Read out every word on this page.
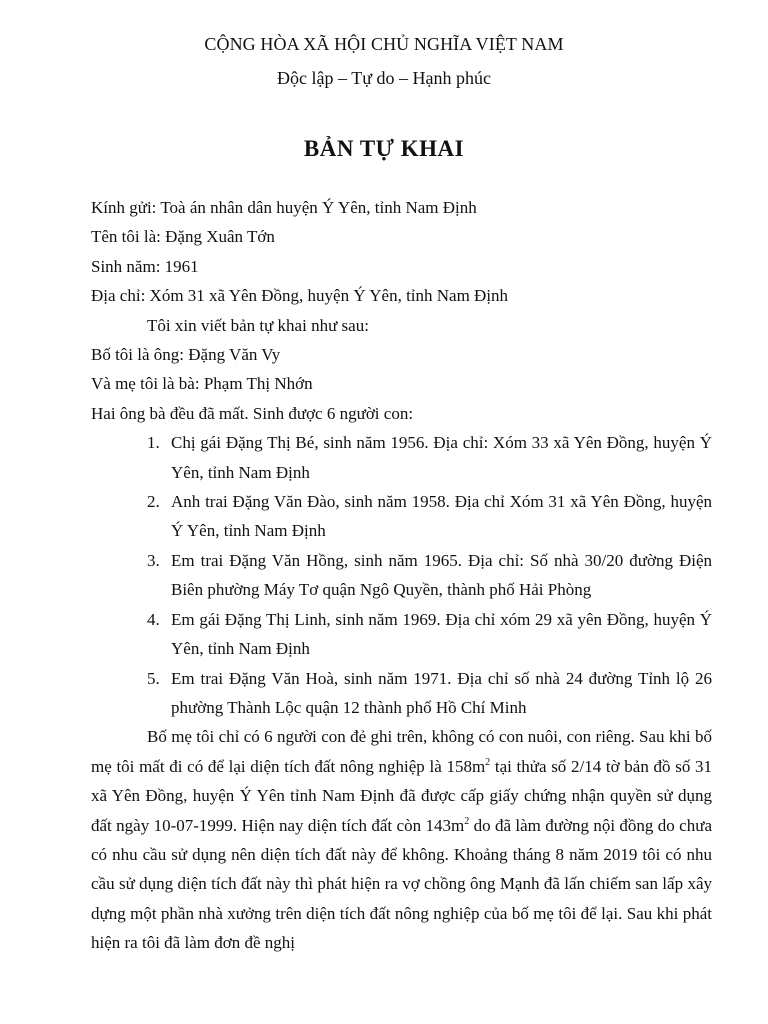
CỘNG HÒA XÃ HỘI CHỦ NGHĨA VIỆT NAM
Độc lập – Tự do – Hạnh phúc
BẢN TỰ KHAI
Kính gửi: Toà án nhân dân huyện Ý Yên, tỉnh Nam Định
Tên tôi là: Đặng Xuân Tớn
Sinh năm: 1961
Địa chỉ: Xóm 31 xã Yên Đồng, huyện Ý Yên, tỉnh Nam Định
Tôi xin viết bản tự khai như sau:
Bố tôi là ông: Đặng Văn Vy
Và mẹ tôi là bà: Phạm Thị Nhớn
Hai ông bà đều đã mất. Sinh được 6 người con:
1. Chị gái Đặng Thị Bé, sinh năm 1956. Địa chỉ: Xóm 33 xã Yên Đồng, huyện Ý Yên, tỉnh Nam Định
2. Anh trai Đặng Văn Đào, sinh năm 1958. Địa chỉ Xóm 31 xã Yên Đồng, huyện Ý Yên, tỉnh Nam Định
3. Em trai Đặng Văn Hồng, sinh năm 1965. Địa chỉ: Số nhà 30/20 đường Điện Biên phường Máy Tơ quận Ngô Quyền, thành phố Hải Phòng
4. Em gái Đặng Thị Linh, sinh năm 1969. Địa chỉ xóm 29 xã yên Đồng, huyện Ý Yên, tỉnh Nam Định
5. Em trai Đặng Văn Hoà, sinh năm 1971. Địa chỉ số nhà 24 đường Tỉnh lộ 26 phường Thành Lộc quận 12 thành phố Hồ Chí Minh

Bố mẹ tôi chỉ có 6 người con đẻ ghi trên, không có con nuôi, con riêng. Sau khi bố mẹ tôi mất đi có để lại diện tích đất nông nghiệp là $158m^2$ tại thửa số 2/14 tờ bản đồ số 31 xã Yên Đồng, huyện Ý Yên tỉnh Nam Định đã được cấp giấy chứng nhận quyền sử dụng đất ngày 10-07-1999. Hiện nay diện tích đất còn $143m^2$ do đã làm đường nội đồng do chưa có nhu cầu sử dụng nên diện tích đất này để không. Khoảng tháng 8 năm 2019 tôi có nhu cầu sử dụng diện tích đất này thì phát hiện ra vợ chồng ông Mạnh đã lấn chiếm san lấp xây dựng một phần nhà xưởng trên diện tích đất nông nghiệp của bố mẹ tôi để lại. Sau khi phát hiện ra tôi đã làm đơn đề nghị
